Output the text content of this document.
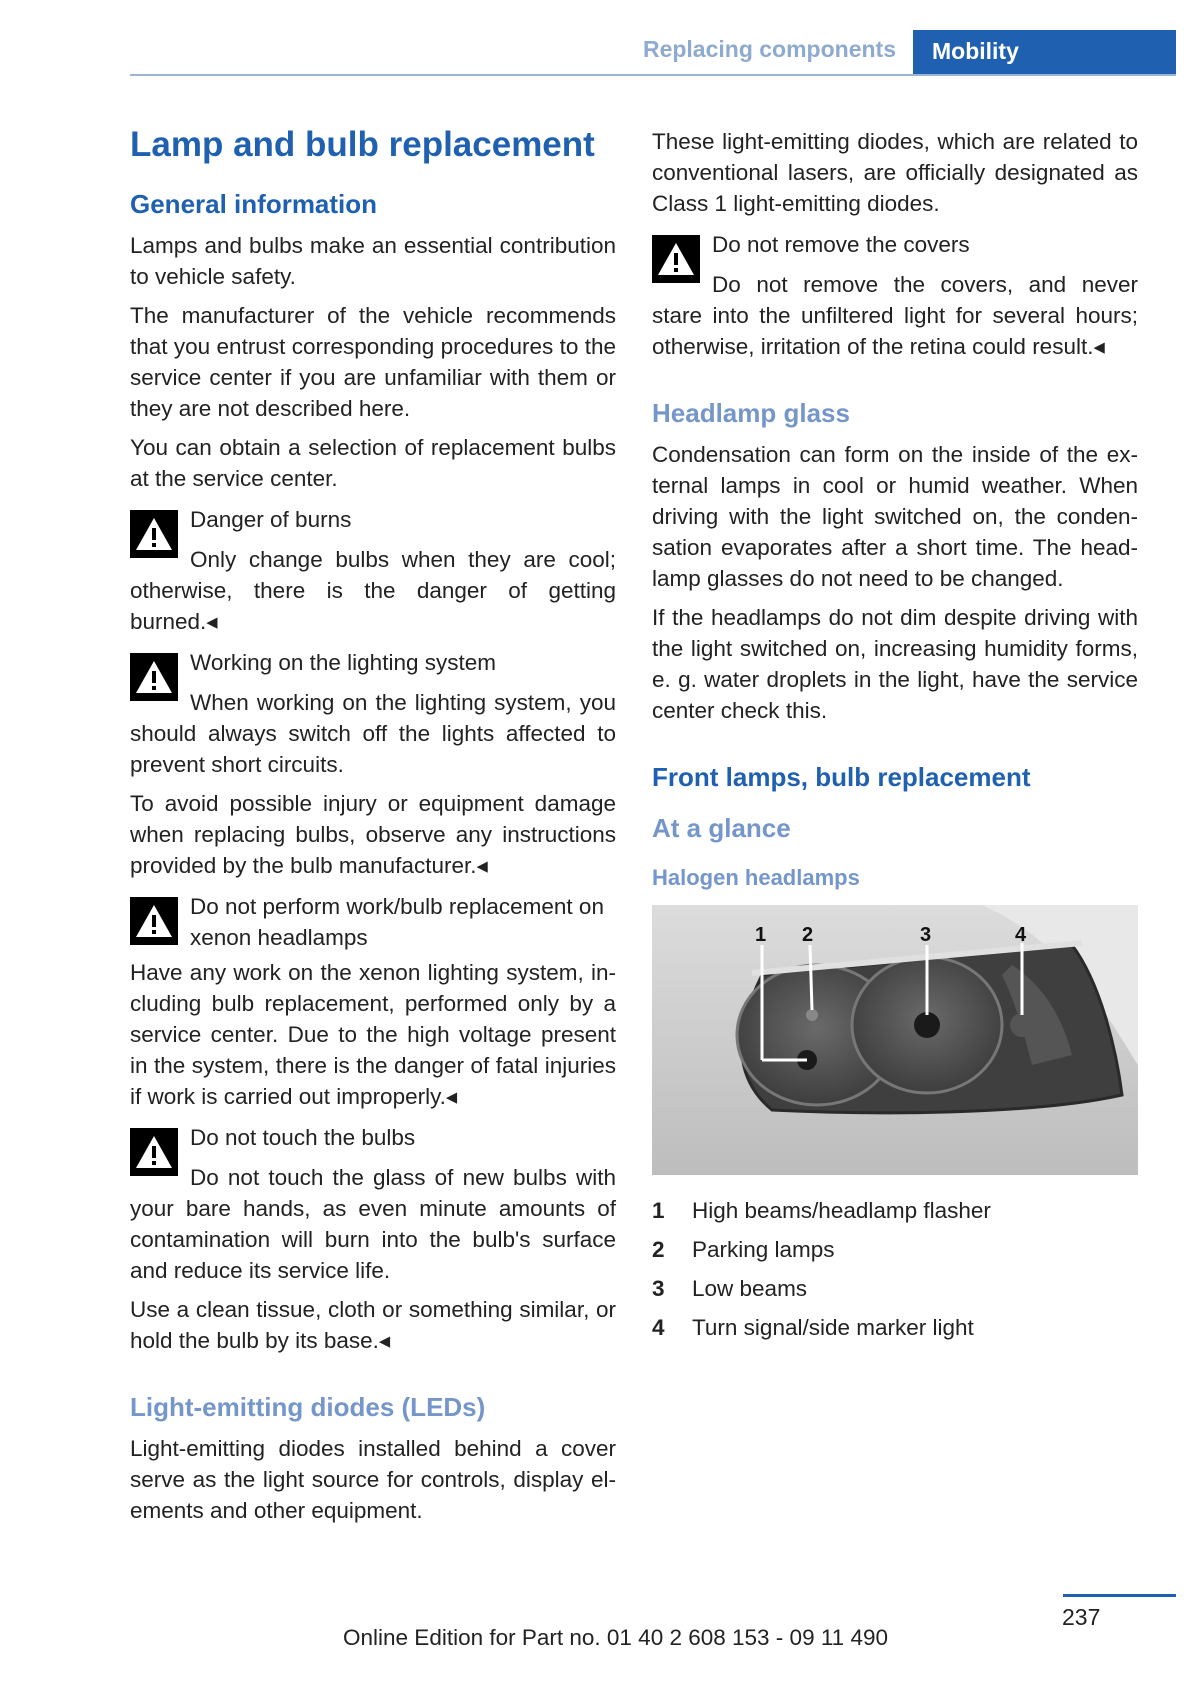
Replacing components	Mobility
Lamp and bulb replacement
General information

Lamps and bulbs make an essential contribution to vehicle safety.

The manufacturer of the vehicle recommends that you entrust corresponding procedures to the service center if you are unfamiliar with them or they are not described here.

You can obtain a selection of replacement bulbs at the service center.

Danger of burns

Only change bulbs when they are cool; otherwise, there is the danger of getting burned.◂

Working on the lighting system

When working on the lighting system, you should always switch off the lights affected to prevent short circuits.

To avoid possible injury or equipment damage when replacing bulbs, observe any instructions provided by the bulb manufacturer.◂

Do not perform work/bulb replacement on xenon headlamps

Have any work on the xenon lighting system, including bulb replacement, performed only by a service center. Due to the high voltage present in the system, there is the danger of fatal injuries if work is carried out improperly.◂

Do not touch the bulbs

Do not touch the glass of new bulbs with your bare hands, as even minute amounts of contamination will burn into the bulb's surface and reduce its service life.

Use a clean tissue, cloth or something similar, or hold the bulb by its base.◂

Light-emitting diodes (LEDs)

Light-emitting diodes installed behind a cover serve as the light source for controls, display elements and other equipment.

These light-emitting diodes, which are related to conventional lasers, are officially designated as Class 1 light-emitting diodes.

Do not remove the covers

Do not remove the covers, and never stare into the unfiltered light for several hours; otherwise, irritation of the retina could result.◂

Headlamp glass

Condensation can form on the inside of the external lamps in cool or humid weather. When driving with the light switched on, the condensation evaporates after a short time. The headlamp glasses do not need to be changed.

If the headlamps do not dim despite driving with the light switched on, increasing humidity forms, e. g. water droplets in the light, have the service center check this.

Front lamps, bulb replacement
At a glance
Halogen headlamps
1 2	3	4
1	High beams/headlamp flasher
2	Parking lamps
3	Low beams
4	Turn signal/side marker light
237
Online Edition for Part no. 01 40 2 608 153 - 09 11 490
